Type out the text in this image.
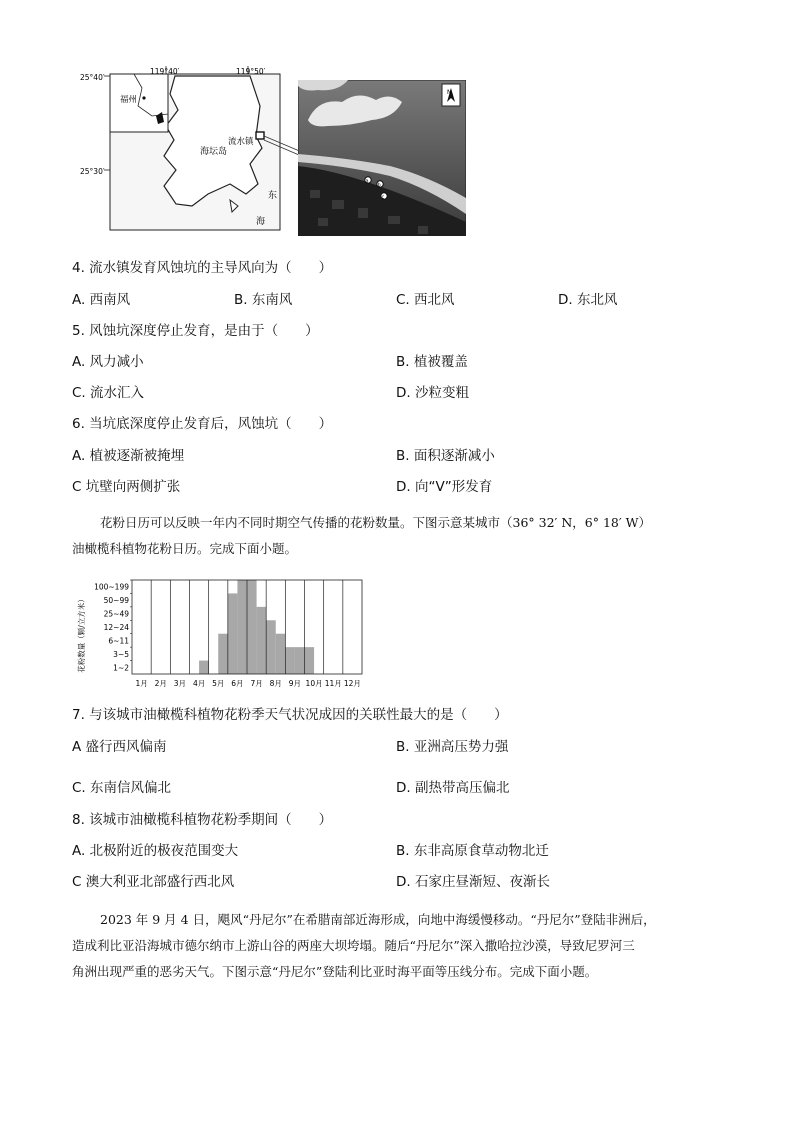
福州
25°40′
25°30′
119°40′	119°50′
海坛岛
流水镇
东
海
a
b
c
N
4. 流水镇发育风蚀坑的主导风向为（　　）
A. 西南风	B. 东南风	C. 西北风	D. 东北风
5. 风蚀坑深度停止发育，是由于（　　）
A. 风力减小	B. 植被覆盖
C. 流水汇入	D. 沙粒变粗
6. 当坑底深度停止发育后，风蚀坑（　　）
A. 植被逐渐被掩埋	B. 面积逐渐减小
C 坑壁向两侧扩张	D. 向“V”形发育

花粉日历可以反映一年内不同时期空气传播的花粉数量。下图示意某城市（36° 32′ N，6° 18′ W）

油橄榄科植物花粉日历。完成下面小题。

花粉数量（颗/立方米）	1~2
3~5
6~11
12~24
25~49
50~99
100~199
1月 2月 3月 4月 5月 6月 7月 8月 9月 10月 11月 12月
7. 与该城市油橄榄科植物花粉季天气状况成因的关联性最大的是（　　）
A 盛行西风偏南	B. 亚洲高压势力强
C. 东南信风偏北	D. 副热带高压偏北
8. 该城市油橄榄科植物花粉季期间（　　）
A. 北极附近的极夜范围变大	B. 东非高原食草动物北迁
C 澳大利亚北部盛行西北风	D. 石家庄昼渐短、夜渐长

2023 年 9 月 4 日，飓风“丹尼尔”在希腊南部近海形成，向地中海缓慢移动。“丹尼尔”登陆非洲后，

造成利比亚沿海城市德尔纳市上游山谷的两座大坝垮塌。随后“丹尼尔”深入撒哈拉沙漠，导致尼罗河三

角洲出现严重的恶劣天气。下图示意“丹尼尔”登陆利比亚时海平面等压线分布。完成下面小题。
